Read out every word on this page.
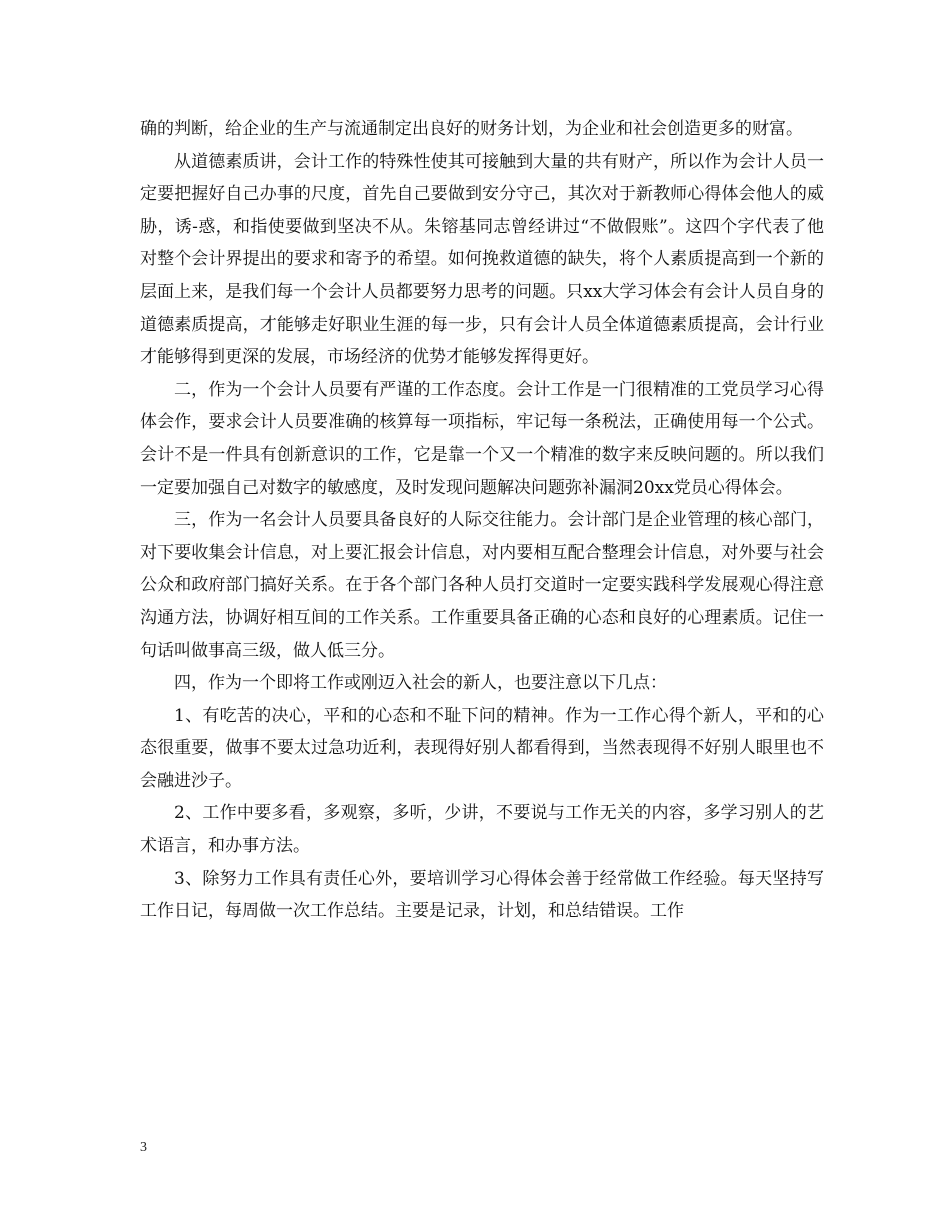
确的判断，给企业的生产与流通制定出良好的财务计划，为企业和社会创造更多的财富。

从道德素质讲，会计工作的特殊性使其可接触到大量的共有财产，所以作为会计人员一定要把握好自己办事的尺度，首先自己要做到安分守己，其次对于新教师心得体会他人的威胁，诱-惑，和指使要做到坚决不从。朱镕基同志曾经讲过“不做假账”。这四个字代表了他对整个会计界提出的要求和寄予的希望。如何挽救道德的缺失，将个人素质提高到一个新的层面上来，是我们每一个会计人员都要努力思考的问题。只xx大学习体会有会计人员自身的道德素质提高，才能够走好职业生涯的每一步，只有会计人员全体道德素质提高，会计行业才能够得到更深的发展，市场经济的优势才能够发挥得更好。

二，作为一个会计人员要有严谨的工作态度。会计工作是一门很精准的工党员学习心得体会作，要求会计人员要准确的核算每一项指标，牢记每一条税法，正确使用每一个公式。会计不是一件具有创新意识的工作，它是靠一个又一个精准的数字来反映问题的。所以我们一定要加强自己对数字的敏感度，及时发现问题解决问题弥补漏洞20xx党员心得体会。

三，作为一名会计人员要具备良好的人际交往能力。会计部门是企业管理的核心部门，对下要收集会计信息，对上要汇报会计信息，对内要相互配合整理会计信息，对外要与社会公众和政府部门搞好关系。在于各个部门各种人员打交道时一定要实践科学发展观心得注意沟通方法，协调好相互间的工作关系。工作重要具备正确的心态和良好的心理素质。记住一句话叫做事高三级，做人低三分。

四，作为一个即将工作或刚迈入社会的新人，也要注意以下几点：

1、有吃苦的决心，平和的心态和不耻下问的精神。作为一工作心得个新人，平和的心态很重要，做事不要太过急功近利，表现得好别人都看得到，当然表现得不好别人眼里也不会融进沙子。

2、工作中要多看，多观察，多听，少讲，不要说与工作无关的内容，多学习别人的艺术语言，和办事方法。

3、除努力工作具有责任心外，要培训学习心得体会善于经常做工作经验。每天坚持写工作日记，每周做一次工作总结。主要是记录，计划，和总结错误。工作

3
